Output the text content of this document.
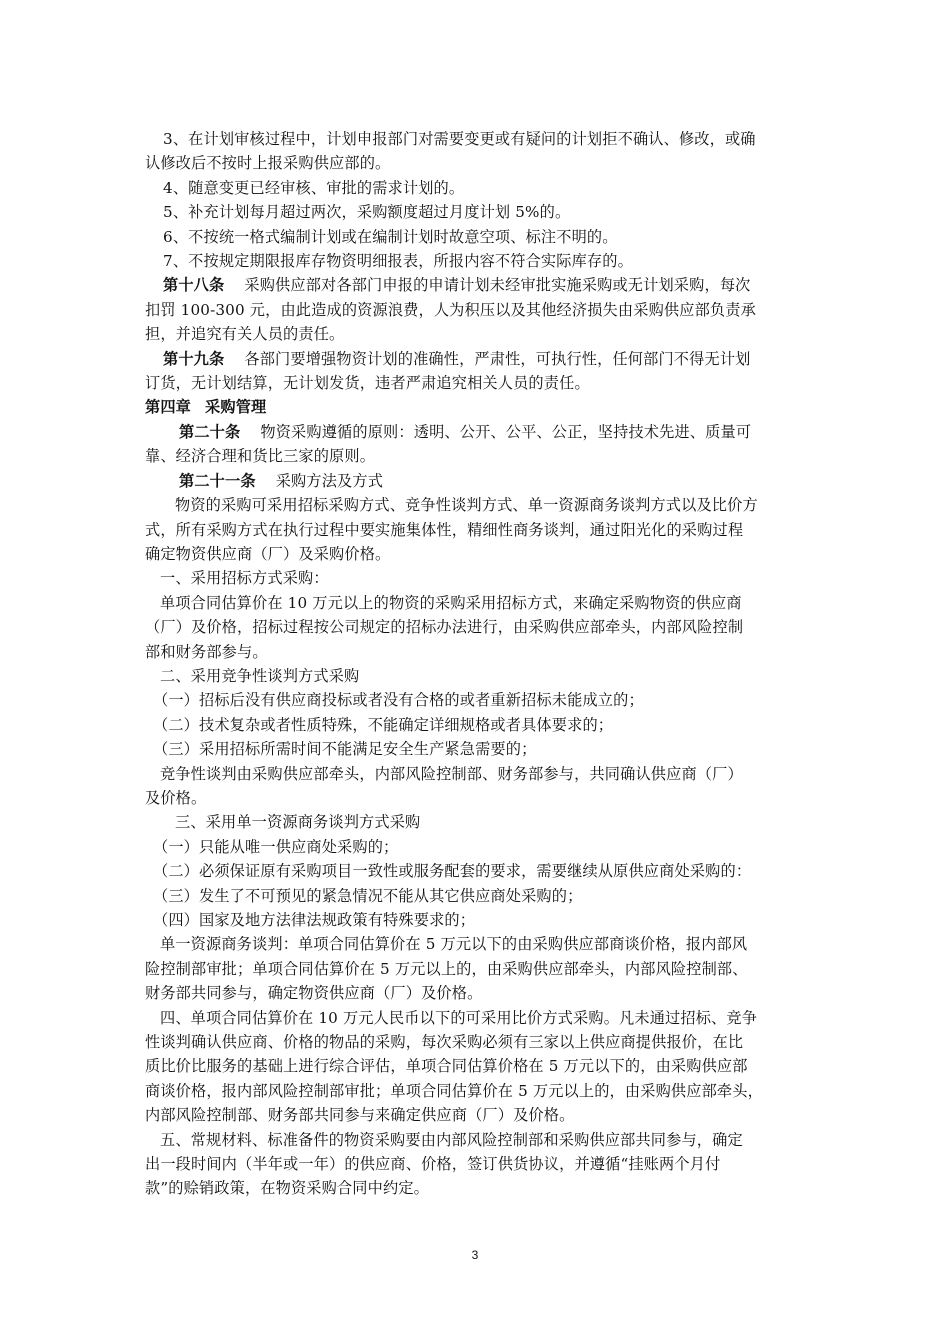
3、在计划审核过程中，计划申报部门对需要变更或有疑问的计划拒不确认、修改，或确
认修改后不按时上报采购供应部的。
4、随意变更已经审核、审批的需求计划的。
5、补充计划每月超过两次，采购额度超过月度计划 5%的。
6、不按统一格式编制计划或在编制计划时故意空项、标注不明的。
7、不按规定期限报库存物资明细报表，所报内容不符合实际库存的。
第十八条 采购供应部对各部门申报的申请计划未经审批实施采购或无计划采购，每次
扣罚 100-300 元，由此造成的资源浪费，人为积压以及其他经济损失由采购供应部负责承
担，并追究有关人员的责任。
第十九条 各部门要增强物资计划的准确性，严肃性，可执行性，任何部门不得无计划
订货，无计划结算，无计划发货，违者严肃追究相关人员的责任。
第四章 采购管理
第二十条 物资采购遵循的原则：透明、公开、公平、公正，坚持技术先进、质量可
靠、经济合理和货比三家的原则。
第二十一条 采购方法及方式
物资的采购可采用招标采购方式、竞争性谈判方式、单一资源商务谈判方式以及比价方
式，所有采购方式在执行过程中要实施集体性，精细性商务谈判，通过阳光化的采购过程
确定物资供应商（厂）及采购价格。
一、采用招标方式采购：
单项合同估算价在 10 万元以上的物资的采购采用招标方式，来确定采购物资的供应商
（厂）及价格，招标过程按公司规定的招标办法进行，由采购供应部牵头，内部风险控制
部和财务部参与。
二、采用竞争性谈判方式采购
（一）招标后没有供应商投标或者没有合格的或者重新招标未能成立的；
（二）技术复杂或者性质特殊，不能确定详细规格或者具体要求的；
（三）采用招标所需时间不能满足安全生产紧急需要的；
竞争性谈判由采购供应部牵头，内部风险控制部、财务部参与，共同确认供应商（厂）
及价格。
三、采用单一资源商务谈判方式采购
（一）只能从唯一供应商处采购的；
（二）必须保证原有采购项目一致性或服务配套的要求，需要继续从原供应商处采购的：
（三）发生了不可预见的紧急情况不能从其它供应商处采购的；
（四）国家及地方法律法规政策有特殊要求的；
单一资源商务谈判：单项合同估算价在 5 万元以下的由采购供应部商谈价格，报内部风
险控制部审批；单项合同估算价在 5 万元以上的，由采购供应部牵头，内部风险控制部、
财务部共同参与，确定物资供应商（厂）及价格。
四、单项合同估算价在 10 万元人民币以下的可采用比价方式采购。凡未通过招标、竞争
性谈判确认供应商、价格的物品的采购，每次采购必须有三家以上供应商提供报价，在比
质比价比服务的基础上进行综合评估，单项合同估算价格在 5 万元以下的，由采购供应部
商谈价格，报内部风险控制部审批；单项合同估算价在 5 万元以上的，由采购供应部牵头，
内部风险控制部、财务部共同参与来确定供应商（厂）及价格。
五、常规材料、标准备件的物资采购要由内部风险控制部和采购供应部共同参与，确定
出一段时间内（半年或一年）的供应商、价格，签订供货协议，并遵循“挂账两个月付
款”的赊销政策，在物资采购合同中约定。
3
